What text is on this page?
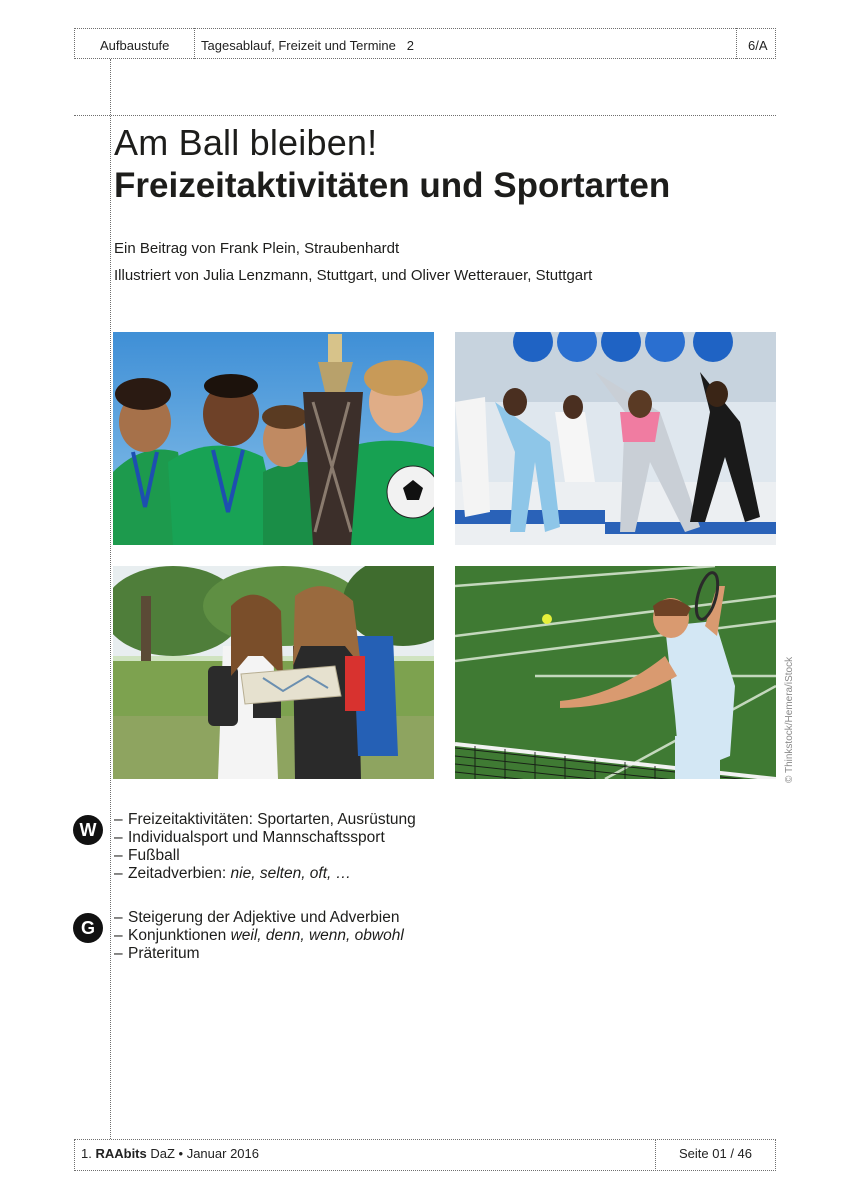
Aufbaustufe Tagesablauf, Freizeit und Termine 2	6/A
Am Ball bleiben!
Freizeitaktivitäten und Sportarten
Ein Beitrag von Frank Plein, Straubenhardt
Illustriert von Julia Lenzmann, Stuttgart, und Oliver Wetterauer, Stuttgart
© Thinkstock/Hemera/iStock
W
– Freizeitaktivitäten: Sportarten, Ausrüstung
– Individualsport und Mannschaftssport
– Fußball
– Zeitadverbien: nie, selten, oft, …
G
– Steigerung der Adjektive und Adverbien
– Konjunktionen weil, denn, wenn, obwohl
– Präteritum
1. RAAbits DaZ • Januar 2016	Seite 01 / 46
